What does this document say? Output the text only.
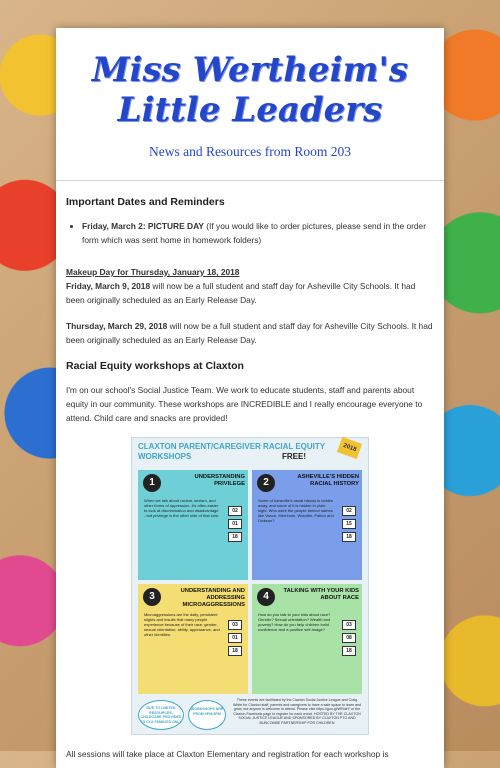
Miss Wertheim's
Little Leaders
News and Resources from Room 203
Important Dates and Reminders
• Friday, March 2: PICTURE DAY (If you would like to order pictures, please send in the order form which was sent home in homework folders)
Makeup Day for Thursday, January 18, 2018

Friday, March 9, 2018 will now be a full student and staff day for Asheville City Schools. It had been originally scheduled as an Early Release Day.

Thursday, March 29, 2018 will now be a full student and staff day for Asheville City Schools. It had been originally scheduled as an Early Release Day.

Racial Equity workshops at Claxton

I'm on our school's Social Justice Team. We work to educate students, staff and parents about equity in our community. These workshops are INCREDIBLE and I really encourage everyone to attend. Child care and snacks are provided!

CLAXTON PARENT/CAREGIVER RACIAL EQUITY WORKSHOPS	FREE!
2018
1	UNDERSTANDING PRIVILEGE
When we talk about racism, sexism, and other forms of oppression, it's often easier to look at discrimination and disadvantage - but privilege is the other side of that coin.
02
01
18
2	ASHEVILLE'S HIDDEN RACIAL HISTORY
Some of Asheville's racial history is hidden away, and some of it is hidden in plain sight. Who were the people behind names like Vance, Merrimon, Woodfin, Patton and Dickson?
02
15
18
3	UNDERSTANDING AND ADDRESSING MICROAGGRESSIONS
Microaggressions are the daily, persistent slights and insults that many people experience because of their race, gender, sexual orientation, ability, appearance, and other identities.
03
01
18
4	TALKING WITH YOUR KIDS ABOUT RACE
How do you talk to your kids about race? Gender? Sexual orientation? Wealth and poverty? How do you help children build confidence and a positive self-image?
03
08
18
DUE TO LIMITED RESOURCES, CHILDCARE PROVIDED TO CLX FAMILIES ONLY
WORKSHOPS ARE FROM 6PM-8PM
These events are facilitated by the Claxton Social Justice League and Craig White for Claxton staff, parents and caregivers to have a safe space to learn and grow, but anyone is welcome to attend. Please visit https://goo.gl/WRdeY or the Claxton Facebook page to register for each event. HOSTED BY THE CLAXTON SOCIAL JUSTICE LEAGUE AND SPONSORED BY CLAXTON PTO AND BUNCOMBE PARTNERSHIP FOR CHILDREN

All sessions will take place at Claxton Elementary and registration for each workshop is
